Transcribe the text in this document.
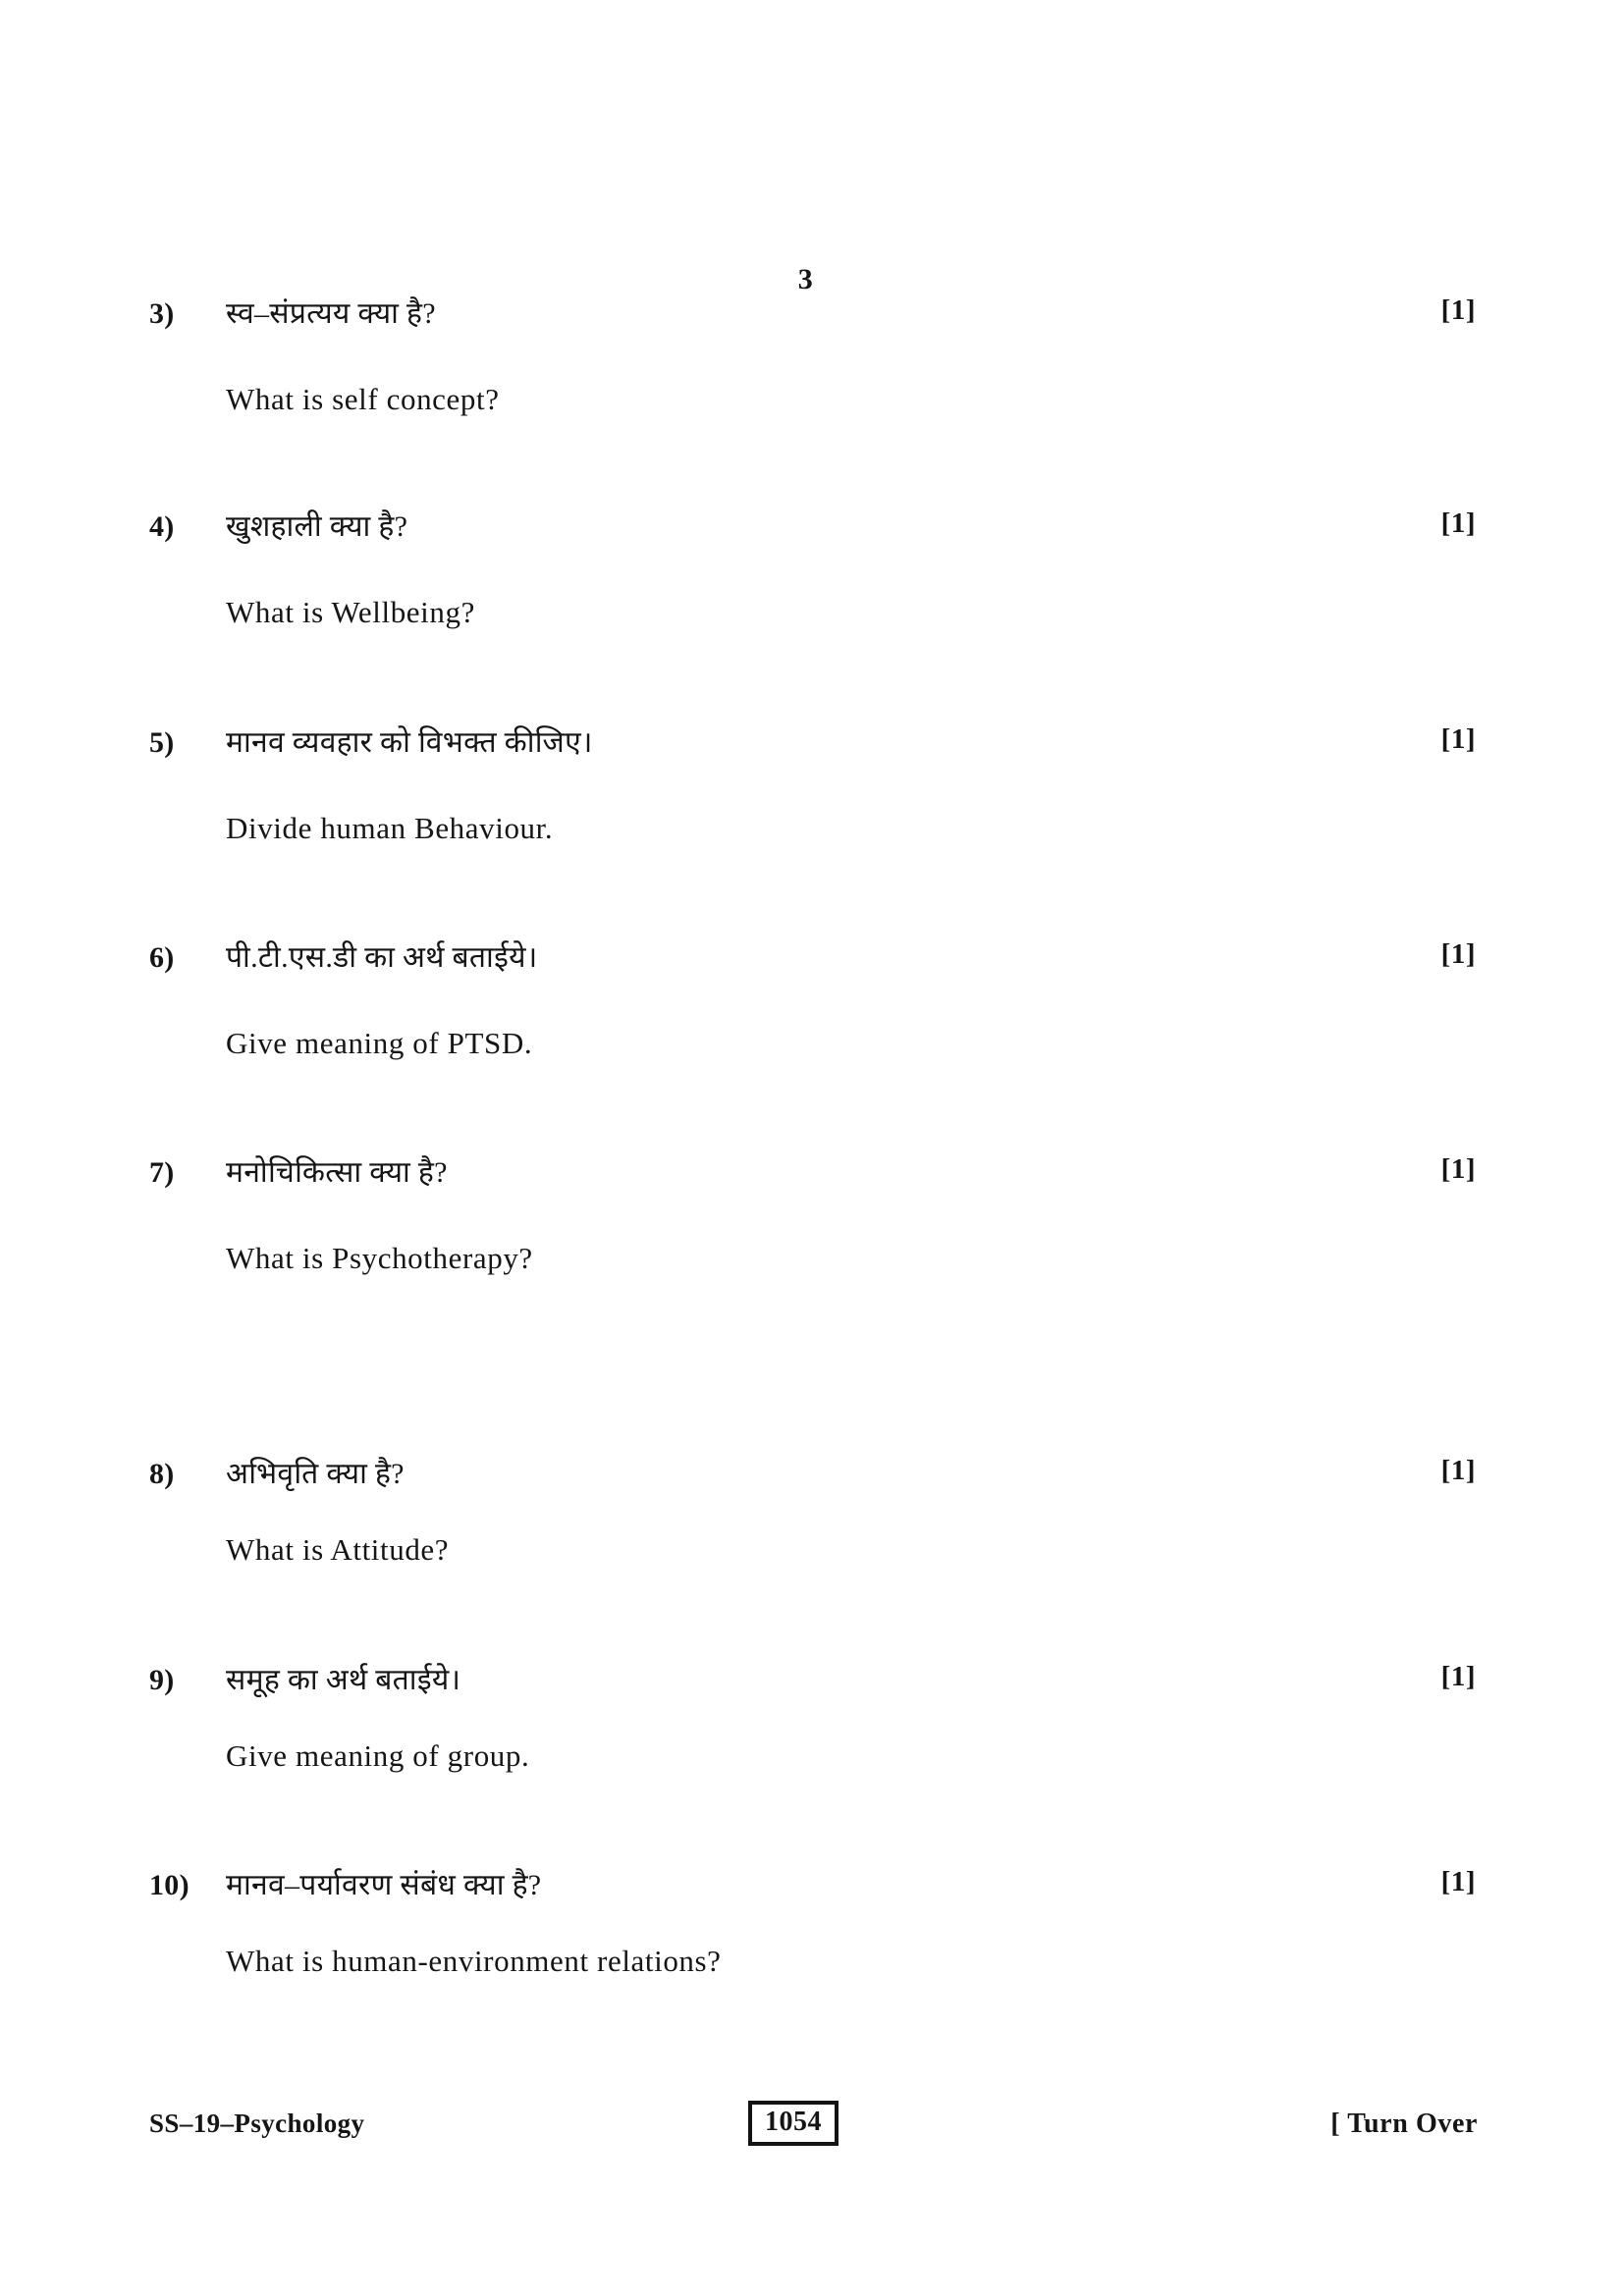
3
3)	स्व–संप्रत्यय क्या है?	[1]
What is self concept?
4)	खुशहाली क्या है?	[1]
What is Wellbeing?
5)	मानव व्यवहार को विभक्त कीजिए।	[1]
Divide human Behaviour.
6)	पी.टी.एस.डी का अर्थ बताईये।	[1]
Give meaning of PTSD.
7)	मनोचिकित्सा क्या है?	[1]
What is Psychotherapy?
8)	अभिवृति क्या है?	[1]
What is Attitude?
9)	समूह का अर्थ बताईये।	[1]
Give meaning of group.
10)	मानव–पर्यावरण संबंध क्या है?	[1]
What is human-environment relations?
SS–19–Psychology	1054	[ Turn Over
